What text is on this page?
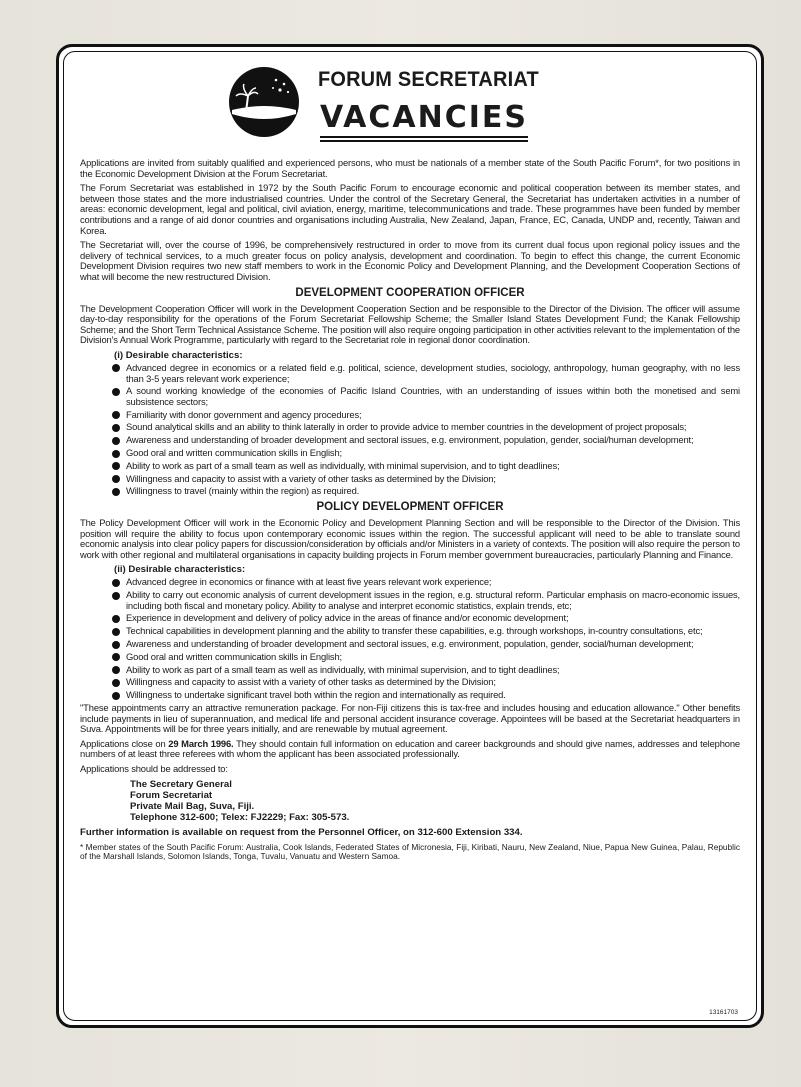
FORUM SECRETARIAT
VACANCIES

Applications are invited from suitably qualified and experienced persons, who must be nationals of a member state of the South Pacific Forum*, for two positions in the Economic Development Division at the Forum Secretariat.

The Forum Secretariat was established in 1972 by the South Pacific Forum to encourage economic and political cooperation between its member states, and between those states and the more industrialised countries. Under the control of the Secretary General, the Secretariat has undertaken activities in a number of areas: economic development, legal and political, civil aviation, energy, maritime, telecommunications and trade. These programmes have been funded by member contributions and a range of aid donor countries and organisations including Australia, New Zealand, Japan, France, EC, Canada, UNDP and, recently, Taiwan and Korea.

The Secretariat will, over the course of 1996, be comprehensively restructured in order to move from its current dual focus upon regional policy issues and the delivery of technical services, to a much greater focus on policy analysis, development and coordination. To begin to effect this change, the current Economic Development Division requires two new staff members to work in the Economic Policy and Development Planning, and the Development Cooperation Sections of what will become the new restructured Division.

DEVELOPMENT COOPERATION OFFICER

The Development Cooperation Officer will work in the Development Cooperation Section and be responsible to the Director of the Division. The officer will assume day-to-day responsibility for the operations of the Forum Secretariat Fellowship Scheme; the Smaller Island States Development Fund; the Kanak Fellowship Scheme; and the Short Term Technical Assistance Scheme. The position will also require ongoing participation in other activities relevant to the implementation of the Division's Annual Work Programme, particularly with regard to the Secretariat role in regional donor coordination.

(i) Desirable characteristics:
Advanced degree in economics or a related field e.g. political, science, development studies, sociology, anthropology, human geography, with no less than 3-5 years relevant work experience;
A sound working knowledge of the economies of Pacific Island Countries, with an understanding of issues within both the monetised and semi subsistence sectors;
Familiarity with donor government and agency procedures;
Sound analytical skills and an ability to think laterally in order to provide advice to member countries in the development of project proposals;
Awareness and understanding of broader development and sectoral issues, e.g. environment, population, gender, social/human development;
Good oral and written communication skills in English;
Ability to work as part of a small team as well as individually, with minimal supervision, and to tight deadlines;
Willingness and capacity to assist with a variety of other tasks as determined by the Division;
Willingness to travel (mainly within the region) as required.
POLICY DEVELOPMENT OFFICER

The Policy Development Officer will work in the Economic Policy and Development Planning Section and will be responsible to the Director of the Division. This position will require the ability to focus upon contemporary economic issues within the region. The successful applicant will need to be able to translate sound economic analysis into clear policy papers for discussion/consideration by officials and/or Ministers in a variety of contexts. The position will also require the person to work with other regional and multilateral organisations in capacity building projects in Forum member government bureaucracies, particularly Planning and Finance.

(ii) Desirable characteristics:
Advanced degree in economics or finance with at least five years relevant work experience;
Ability to carry out economic analysis of current development issues in the region, e.g. structural reform. Particular emphasis on macro-economic issues, including both fiscal and monetary policy. Ability to analyse and interpret economic statistics, explain trends, etc;
Experience in development and delivery of policy advice in the areas of finance and/or economic development;
Technical capabilities in development planning and the ability to transfer these capabilities, e.g. through workshops, in-country consultations, etc;
Awareness and understanding of broader development and sectoral issues, e.g. environment, population, gender, social/human development;
Good oral and written communication skills in English;
Ability to work as part of a small team as well as individually, with minimal supervision, and to tight deadlines;
Willingness and capacity to assist with a variety of other tasks as determined by the Division;
Willingness to undertake significant travel both within the region and internationally as required.

"These appointments carry an attractive remuneration package. For non-Fiji citizens this is tax-free and includes housing and education allowance." Other benefits include payments in lieu of superannuation, and medical life and personal accident insurance coverage. Appointees will be based at the Secretariat headquarters in Suva. Appointments will be for three years initially, and are renewable by mutual agreement.

Applications close on 29 March 1996. They should contain full information on education and career backgrounds and should give names, addresses and telephone numbers of at least three referees with whom the applicant has been associated professionally.

Applications should be addressed to:

The Secretary General
Forum Secretariat
Private Mail Bag, Suva, Fiji.
Telephone 312-600; Telex: FJ2229; Fax: 305-573.

Further information is available on request from the Personnel Officer, on 312-600 Extension 334.

* Member states of the South Pacific Forum: Australia, Cook Islands, Federated States of Micronesia, Fiji, Kiribati, Nauru, New Zealand, Niue, Papua New Guinea, Palau, Republic of the Marshall Islands, Solomon Islands, Tonga, Tuvalu, Vanuatu and Western Samoa.

13161703
